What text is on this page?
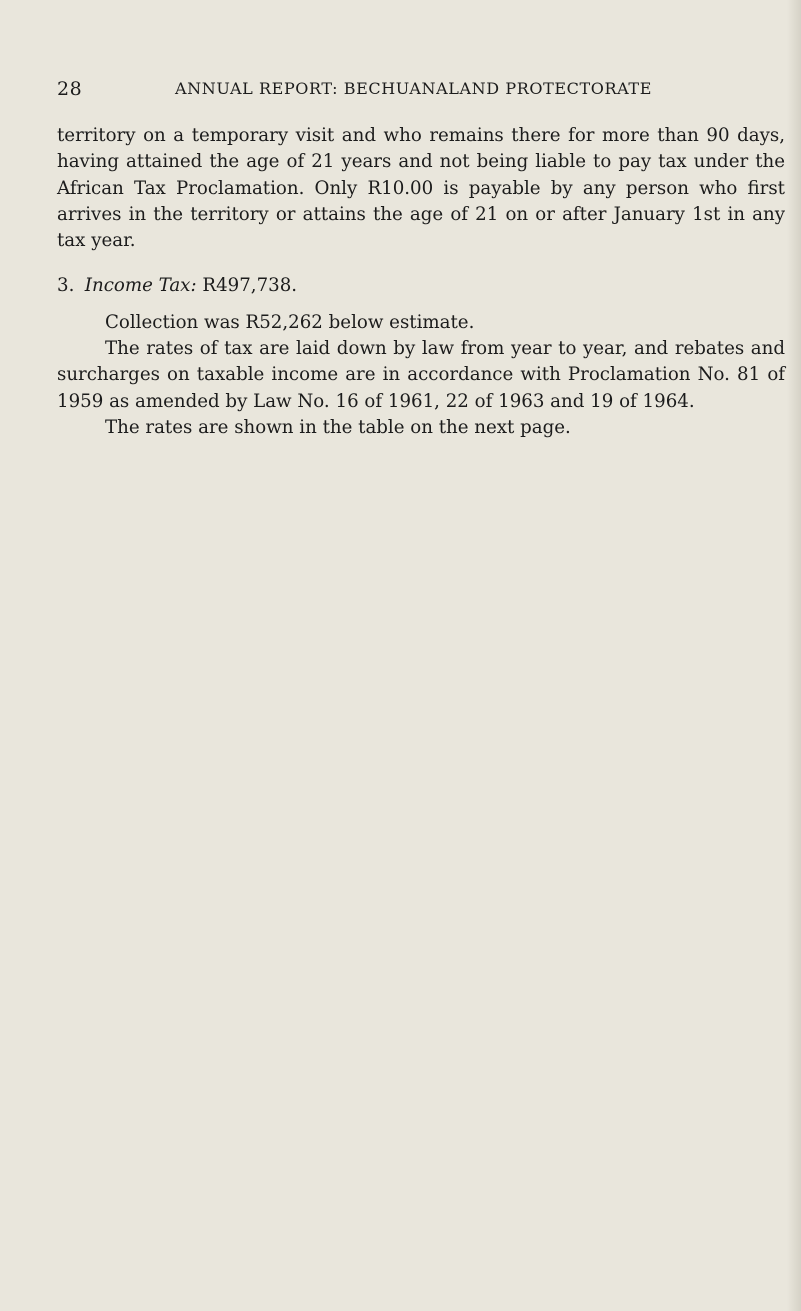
28	ANNUAL REPORT: BECHUANALAND PROTECTORATE

territory on a temporary visit and who remains there for more than 90 days, having attained the age of 21 years and not being liable to pay tax under the African Tax Proclamation. Only R10.00 is payable by any person who first arrives in the territory or attains the age of 21 on or after January 1st in any tax year.

3. Income Tax: R497,738.

Collection was R52,262 below estimate.

The rates of tax are laid down by law from year to year, and rebates and surcharges on taxable income are in accordance with Proclamation No. 81 of 1959 as amended by Law No. 16 of 1961, 22 of 1963 and 19 of 1964.

The rates are shown in the table on the next page.
